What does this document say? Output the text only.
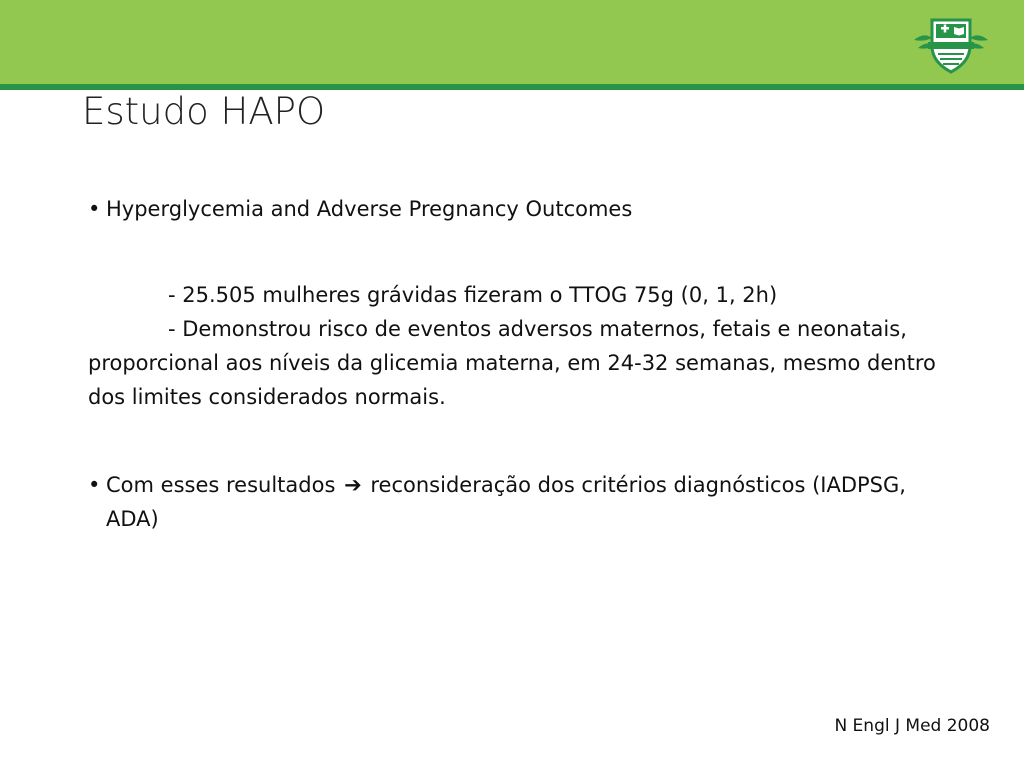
Estudo HAPO
• Hyperglycemia and Adverse Pregnancy Outcomes
- 25.505 mulheres grávidas fizeram o TTOG 75g (0, 1, 2h)
- Demonstrou risco de eventos adversos maternos, fetais e neonatais, proporcional aos níveis da glicemia materna, em 24-32 semanas, mesmo dentro dos limites considerados normais.
• Com esses resultados ➔ reconsideração dos critérios diagnósticos (IADPSG, ADA)
N Engl J Med 2008
